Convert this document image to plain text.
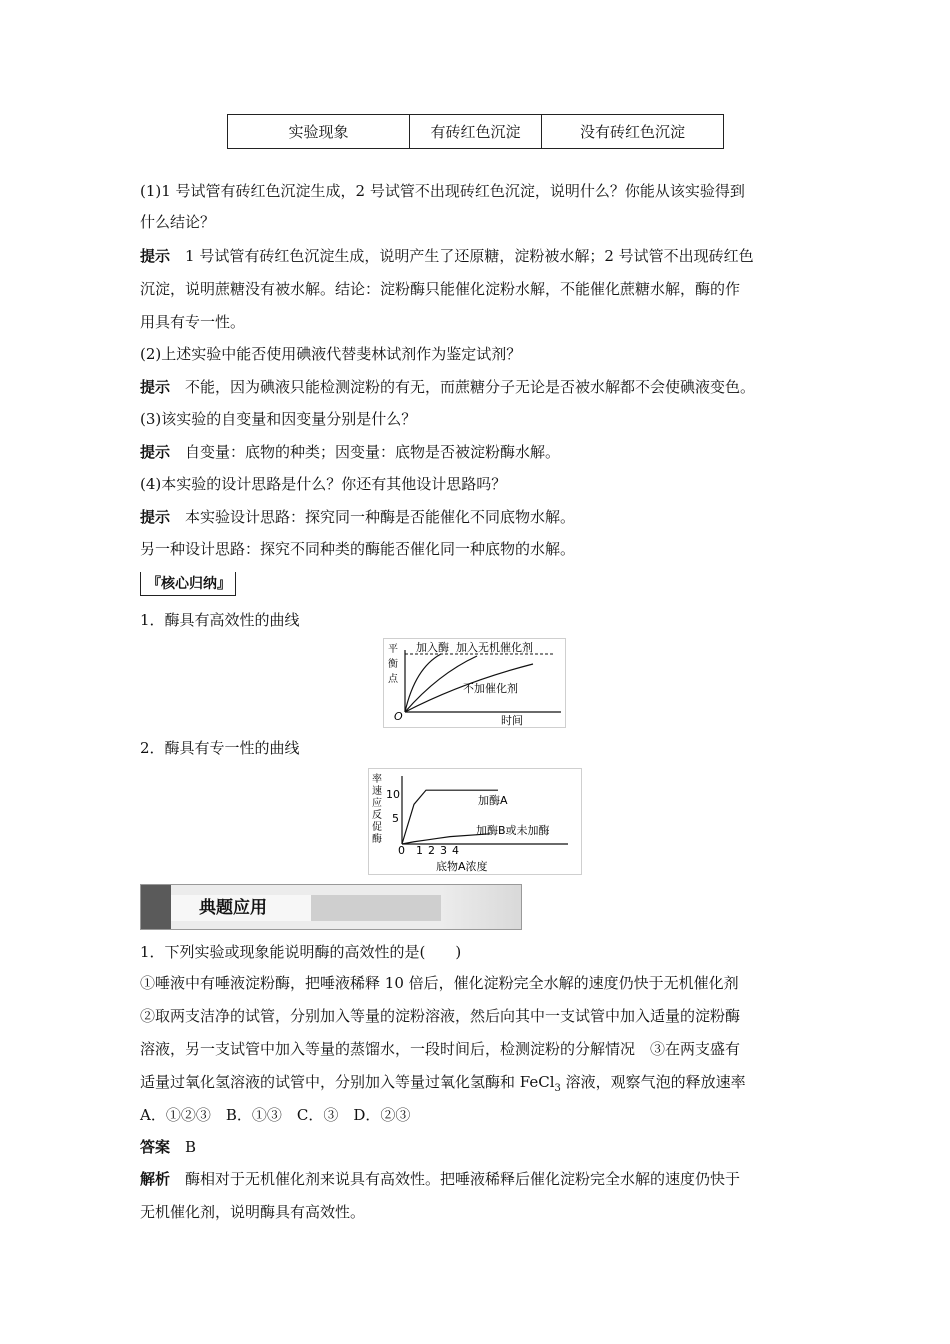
实验现象	有砖红色沉淀	没有砖红色沉淀
(1)1 号试管有砖红色沉淀生成，2 号试管不出现砖红色沉淀，说明什么？你能从该实验得到
什么结论？
提示　 1 号试管有砖红色沉淀生成，说明产生了还原糖，淀粉被水解；2 号试管不出现砖红色
沉淀，说明蔗糖没有被水解。结论：淀粉酶只能催化淀粉水解，不能催化蔗糖水解，酶的作
用具有专一性。
(2)上述实验中能否使用碘液代替斐林试剂作为鉴定试剂？
提示　 不能，因为碘液只能检测淀粉的有无，而蔗糖分子无论是否被水解都不会使碘液变色。
(3)该实验的自变量和因变量分别是什么？
提示　 自变量：底物的种类；因变量：底物是否被淀粉酶水解。
(4)本实验的设计思路是什么？你还有其他设计思路吗？
提示　 本实验设计思路：探究同一种酶是否能催化不同底物水解。
另一种设计思路：探究不同种类的酶能否催化同一种底物的水解。
『核心归纳』
1．酶具有高效性的曲线
平
衡
点
加入酶 加入无机催化剂
不加催化剂
O	时间
2．酶具有专一性的曲线
率
速
应
反
促
酶
10
5
0 1 2 3 4
加酶A
加酶B或未加酶
底物A浓度
典题应用
1．下列实验或现象能说明酶的高效性的是(　　)
①唾液中有唾液淀粉酶，把唾液稀释 10 倍后，催化淀粉完全水解的速度仍快于无机催化剂
②取两支洁净的试管，分别加入等量的淀粉溶液，然后向其中一支试管中加入适量的淀粉酶
溶液，另一支试管中加入等量的蒸馏水，一段时间后，检测淀粉的分解情况　③在两支盛有
适量过氧化氢溶液的试管中，分别加入等量过氧化氢酶和 FeCl$_3$ 溶液，观察气泡的释放速率
A．①②③　B．①③　C．③　D．②③
答案　 B
解析　 酶相对于无机催化剂来说具有高效性。把唾液稀释后催化淀粉完全水解的速度仍快于
无机催化剂，说明酶具有高效性。
